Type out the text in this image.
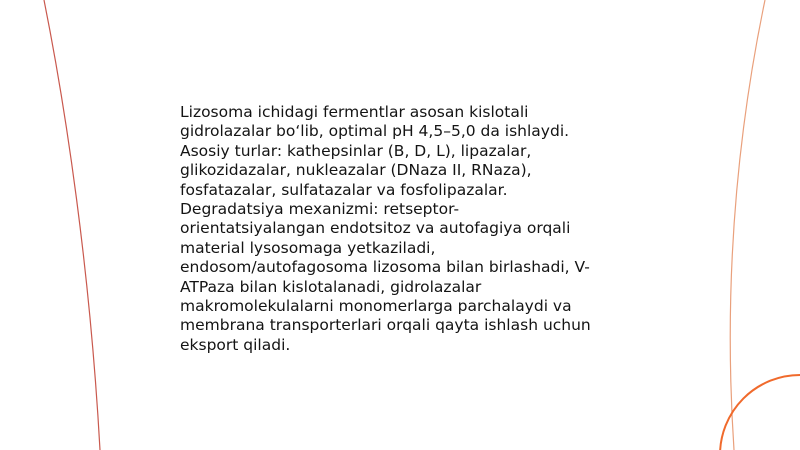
Lizosoma ichidagi fermentlar asosan kislotali
gidrolazalar bo‘lib, optimal pH 4,5–5,0 da ishlaydi.
Asosiy turlar: kathepsinlar (B, D, L), lipazalar,
glikozidazalar, nukleazalar (DNaza II, RNaza),
fosfatazalar, sulfatazalar va fosfolipazalar.
Degradatsiya mexanizmi: retseptor-
orientatsiyalangan endotsitoz va autofagiya orqali
material lysosomaga yetkaziladi,
endosom/autofagosoma lizosoma bilan birlashadi, V-
ATPaza bilan kislotalanadi, gidrolazalar
makromolekulalarni monomerlarga parchalaydi va
membrana transporterlari orqali qayta ishlash uchun
eksport qiladi.
